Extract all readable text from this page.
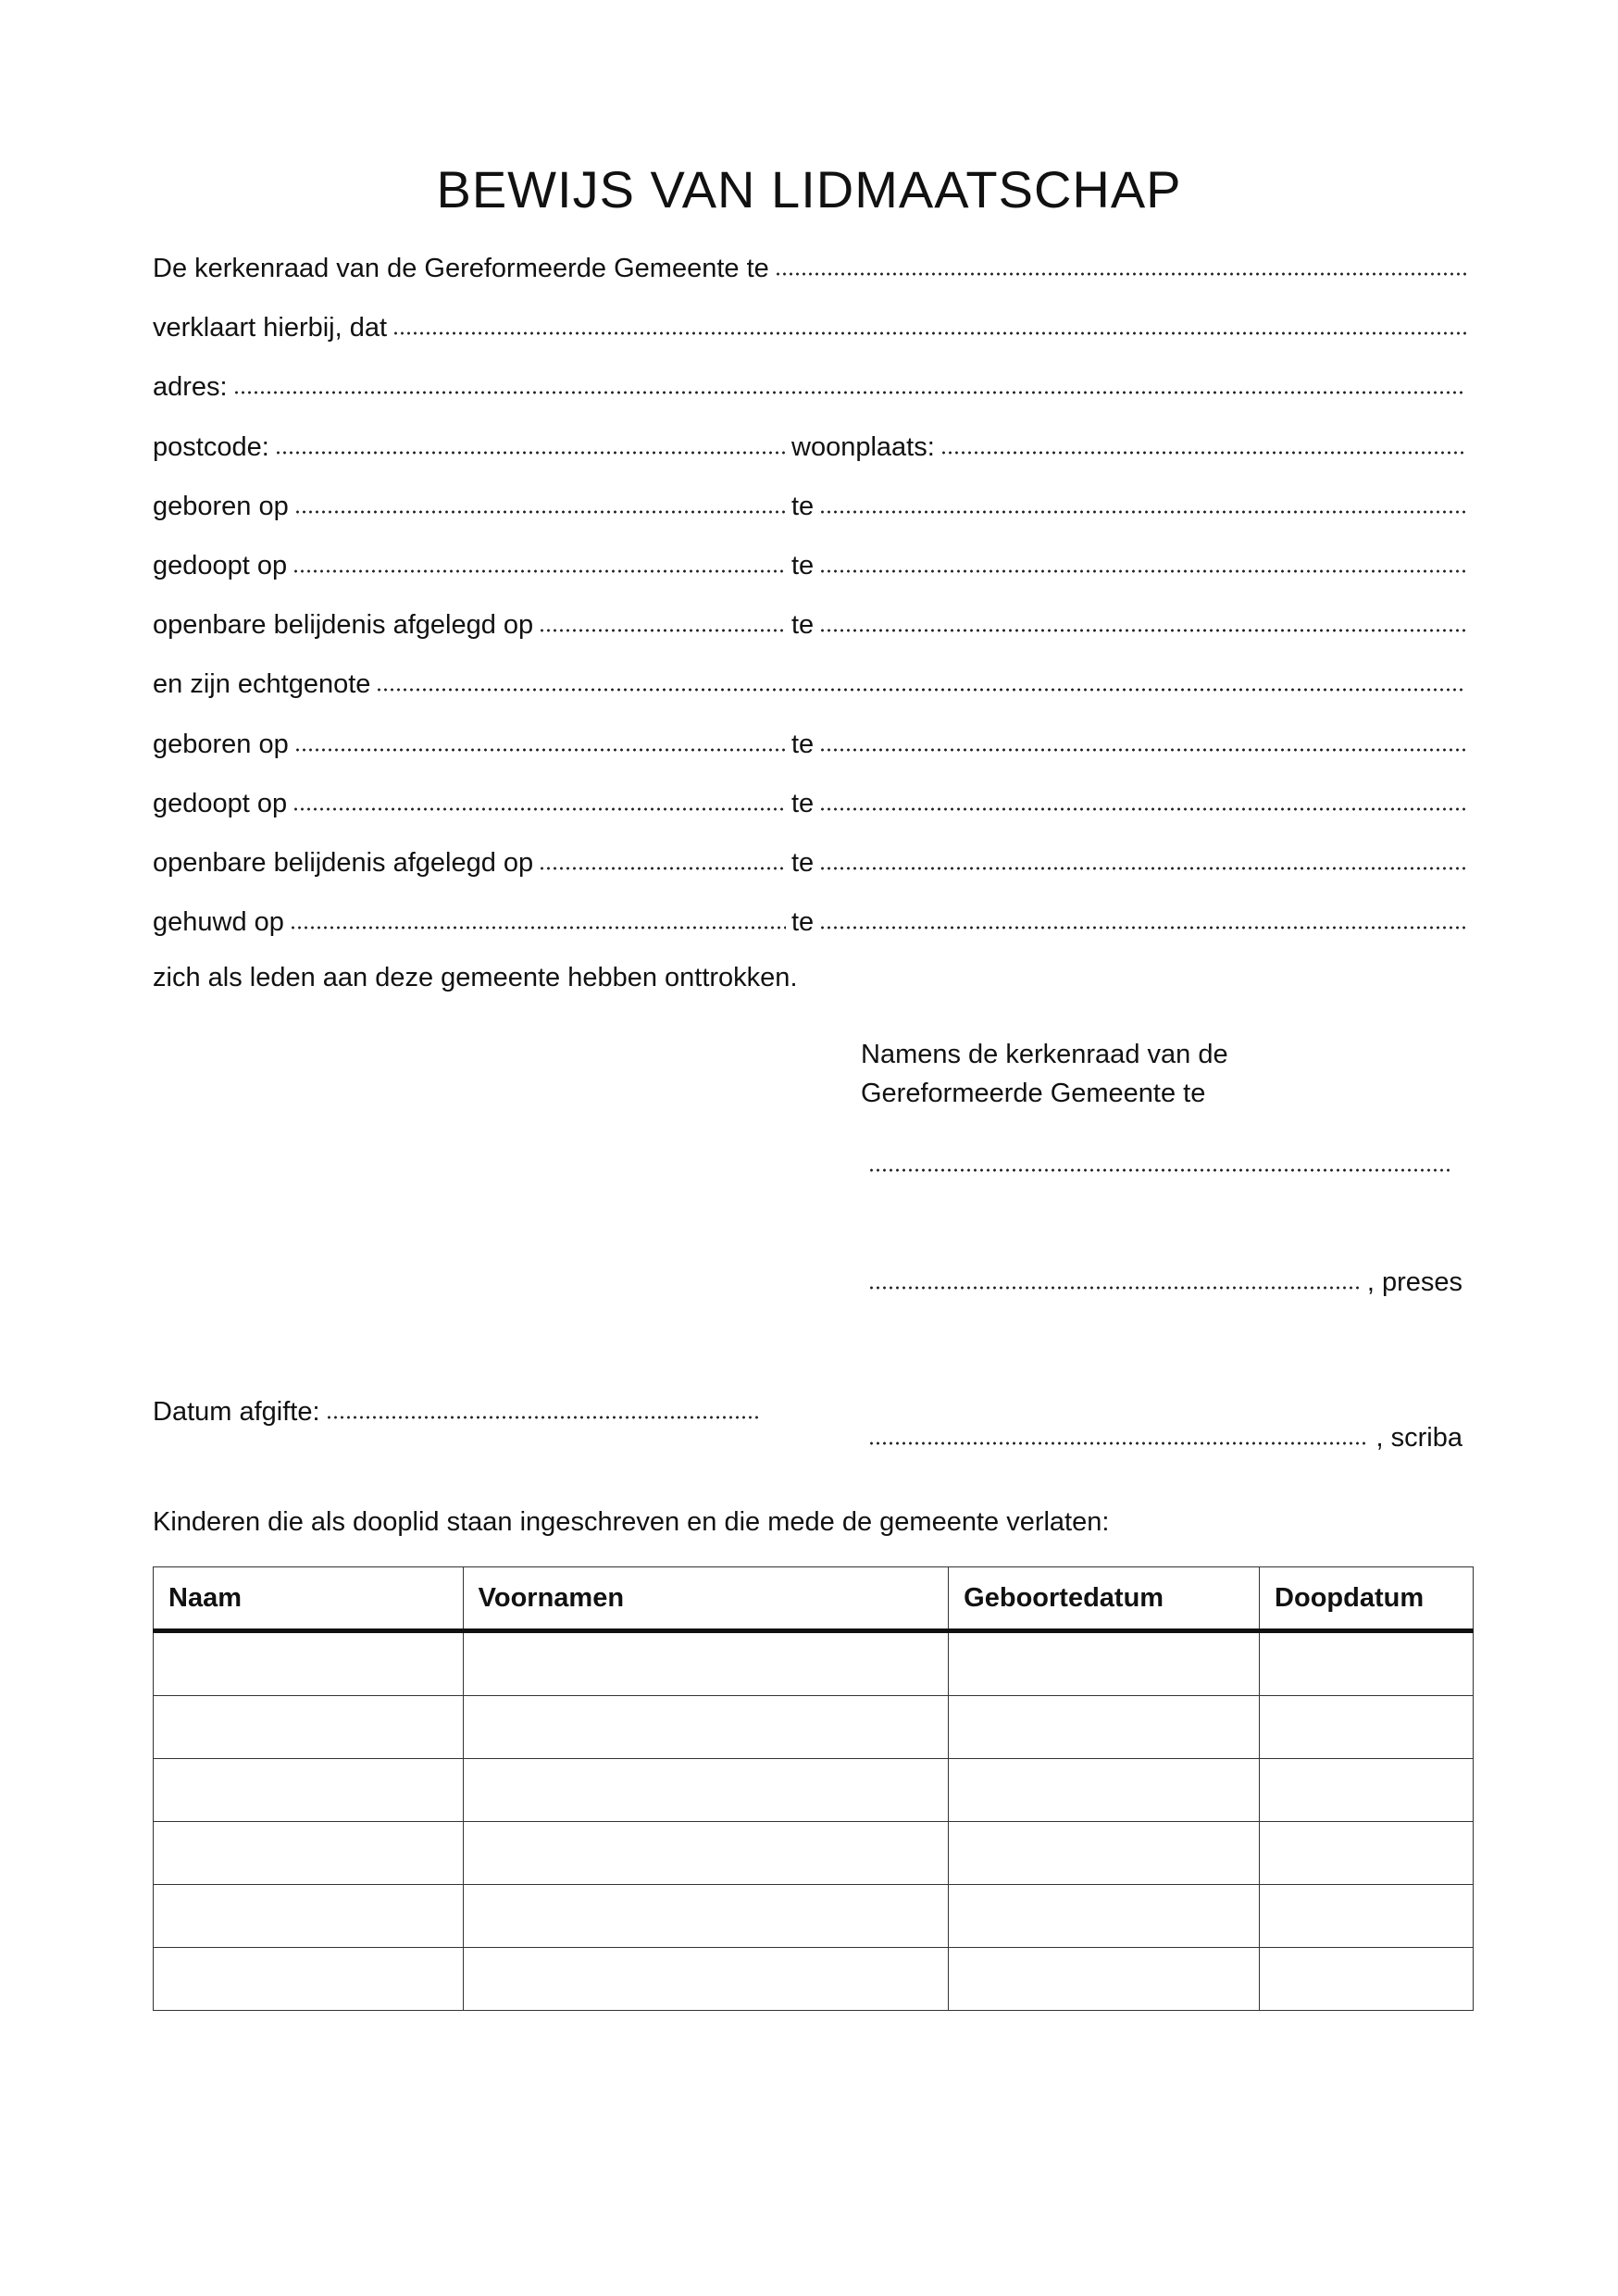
BEWIJS VAN LIDMAATSCHAP
De kerkenraad van de Gereformeerde Gemeente te
verklaart hierbij, dat
adres:
postcode:	woonplaats:
geboren op	te
gedoopt op	te
openbare belijdenis afgelegd op	te
en zijn echtgenote
geboren op	te
gedoopt op	te
openbare belijdenis afgelegd op	te
gehuwd op	te
zich als leden aan deze gemeente hebben onttrokken.
Namens de kerkenraad van de
Gereformeerde Gemeente te
, preses
, scriba
Datum afgifte:
Kinderen die als dooplid staan ingeschreven en die mede de gemeente verlaten:
Naam	Voornamen	Geboortedatum	Doopdatum
